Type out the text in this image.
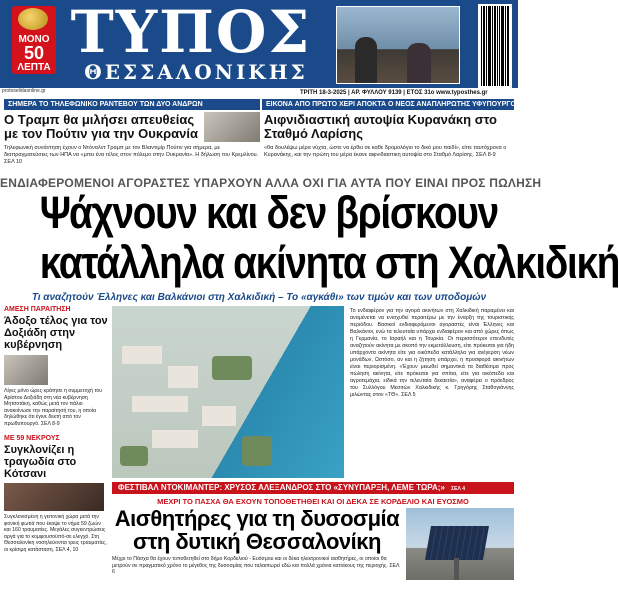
ΜΟΝΟ
50
ΛΕΠΤΑ
ΤΥΠΟΣ
ΘΕΣΣΑΛΟΝΙΚΗΣ
protoselidaonline.gr	ΤΡΙΤΗ 18-3-2025 | ΑΡ. ΦΥΛΛΟΥ 9139 | ΕΤΟΣ 31ο www.typosthes.gr
ΣΗΜΕΡΑ ΤΟ ΤΗΛΕΦΩΝΙΚΟ ΡΑΝΤΕΒΟΥ ΤΩΝ ΔΥΟ ΑΝΔΡΩΝ
Ο Τραμπ θα μιλήσει απευθείας με τον Πούτιν για την Ουκρανία
Τηλεφωνική συνάντηση έχουν ο Ντόναλντ Τραμπ με τον Βλαντιμίρ Πούτιν για σήμερα, με διαπραγματεύσεις των ΗΠΑ να «μπει ένα τέλος στον πόλεμο στην Ουκρανία». Η δήλωση του Κρεμλίνου. ΣΕΛ 10
ΕΙΚΟΝΑ ΑΠΟ ΠΡΩΤΟ ΧΕΡΙ ΑΠΟΚΤΑ Ο ΝΕΟΣ ΑΝΑΠΛΗΡΩΤΗΣ ΥΦΥΠΟΥΡΓΟΣ
Αιφνιδιαστική αυτοψία Κυρανάκη στο Σταθμό Λαρίσης
«θα δουλέψω μέρα νύχτα, ώστε να έρθει σε καθε δρομολόγιο το δικό μου παιδί», είπε ταυτόχρονα ο Κυρανάκης, και την πρώτη του μέρα έκανε αιφνιδιαστικη αυτοψία στο Σταθμό Λαρίσης. ΣΕΛ 8-9
ΕΝΔΙΑΦΕΡΟΜΕΝΟΙ ΑΓΟΡΑΣΤΕΣ ΥΠΑΡΧΟΥΝ ΑΛΛΑ ΟΧΙ ΓΙΑ ΑΥΤΑ ΠΟΥ ΕΙΝΑΙ ΠΡΟΣ ΠΩΛΗΣΗ
Ψάχνουν και δεν βρίσκουν
κατάλληλα ακίνητα στη Χαλκιδική
Τι αναζητούν Έλληνες και Βαλκάνιοι στη Χαλκιδική – Το «αγκάθι» των τιμών και των υποδομών
ΑΜΕΣΗ ΠΑΡΑΙΤΗΣΗ
Άδοξο τέλος για τον Δοξιάδη στην κυβέρνηση
Λίγες μόνο ώρες κράτησε η συμμετοχή του Αρίστου Δοξιάδη στη νέα κυβέρνηση Μητσοτάκη, καθώς μετά τον πάλιο ανακοίνωσε την παραίτησή του, η οποία δηλώθηκε ότι έγινε δεκτή από τον πρωθυπουργό. ΣΕΛ 8-9
ΜΕ 59 ΝΕΚΡΟΥΣ
Συγκλονίζει η τραγωδία στο Κότσανι
Συγκλονισμένη η γειτονική χώρα μετά την φονική φωτιά που έκοψε το νήμα 59 ζωών και 160 τραυματίες. Μεγάλες συγκεντρώσεις αργά για το κομφουσοϋπό-σε ελεγχό. Στη Θεσσαλονίκη νοσηλεύονται τρεις τραυματίες, οι κρίσιμη κατάσταση. ΣΕΛ 4, 10
Το ενδιαφέρον για την αγορά ακινήτων στη Χαλκιδική παραμένει και αναμένεται να ενισχυθεί περαιτέρω με την έναρξη της τουριστικής περιόδου. Βασικοί ενδιαφερόμενοι αγοραστές είναι Έλληνες και Βαλκάνιοι, ενώ τα τελευταία υπάρχει ενδιαφέρον και από χώρες όπως η Γερμανία, το Ισραήλ και η Τουρκία. Οι περισσότεροι επενδυτές αναζητούν ακίνητα με σκοπό την εκμετάλλευση, είτε πρόκειται για ήδη υπάρχοντα ακίνητα είτε για οικόπεδα κατάλληλα για ανέγερση νέων μονάδων. Ωστόσο, αν και η ζήτηση υπάρχει, η προσφορά ακινήτων είναι περιορισμένη. «Έχουν μειωθεί σημαντικά τα διαθέσιμα προς πώληση ακίνητα, είτε πρόκειται για σπίτια, είτε για οικόπεδα και αγροτεμάχια, ειδικά την τελευταία δεκαετία», αναφέρει ο πρόεδρος του Συλλόγου Μεσιτών Χαλκιδικής κ. Γρηγόρης Σταθογιάννης μιλώντας στον «ΤΘ». ΣΕΛ 5
ΦΕΣΤΙΒΑΛ ΝΤΟΚΙΜΑΝΤΕΡ: ΧΡΥΣΟΣ ΑΛΕΞΑΝΔΡΟΣ ΣΤΟ «ΣΥΝΥΠΑΡΞΗ, ΛΕΜΕ ΤΩΡΑ;» ΣΕΛ 4
ΜΕΧΡΙ ΤΟ ΠΑΣΧΑ ΘΑ ΕΧΟΥΝ ΤΟΠΟΘΕΤΗΘΕΙ ΚΑΙ ΟΙ ΔΕΚΑ ΣΕ ΚΟΡΔΕΛΙΟ ΚΑΙ ΕΥΟΣΜΟ
Αισθητήρες για τη δυσοσμία
στη δυτική Θεσσαλονίκη
Μέχρι το Πάσχα θα έχουν τοποθετηθεί στο δήμο Κορδελιού - Ευόσμου και οι δέκα ηλεκτρονικοί αισθητήρες, οι οποίοι θα μετρούν σε πραγματικό χρόνο το μέγεθος της δυσοσμίας που ταλαιπωρεί εδώ και πολλά χρόνια κατοίκους της περιοχής. ΣΕΛ 6
